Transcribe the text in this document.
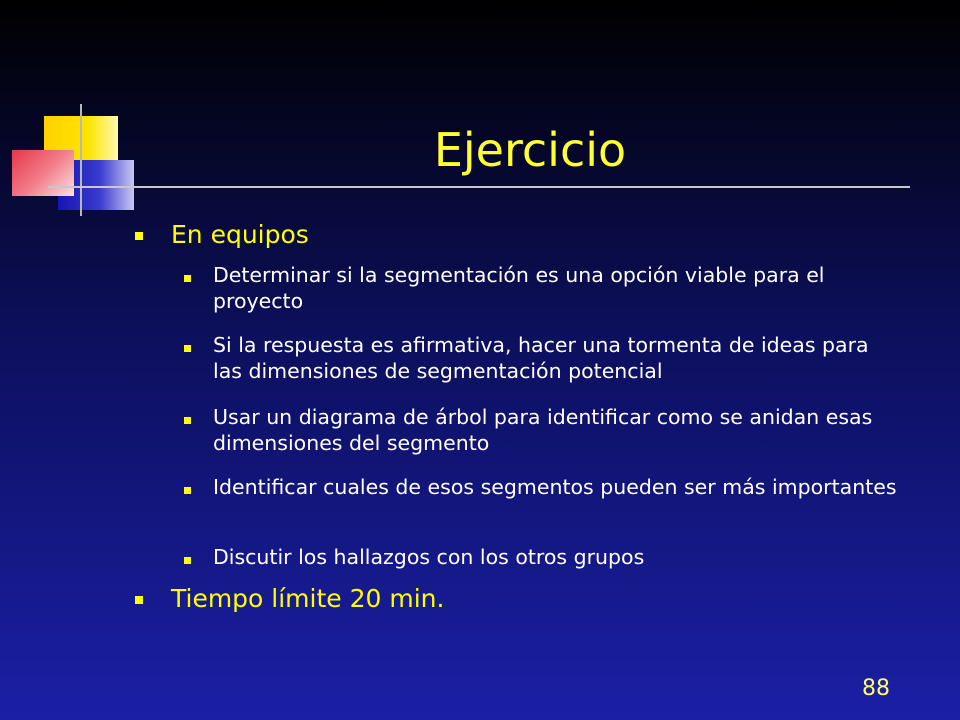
Ejercicio
En equipos
Determinar si la segmentación es una opción viable para el proyecto
Si la respuesta es afirmativa, hacer una tormenta de ideas para las dimensiones de segmentación potencial
Usar un diagrama de árbol para identificar como se anidan esas dimensiones del segmento
Identificar cuales de esos segmentos pueden ser más importantes
Discutir los hallazgos con los otros grupos
Tiempo límite 20 min.
88
